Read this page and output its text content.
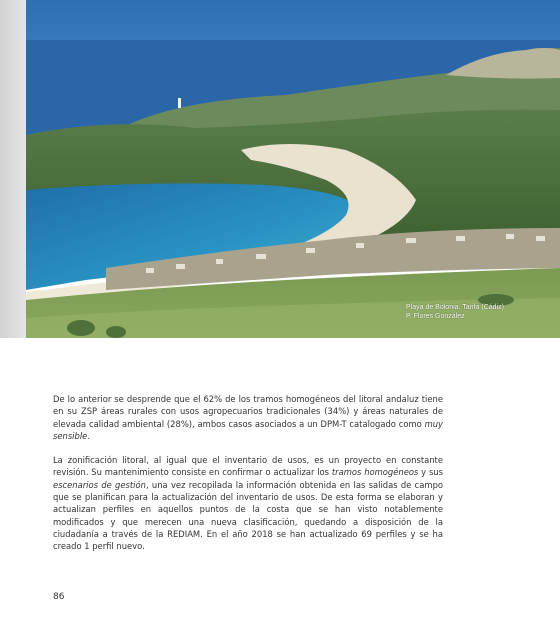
Playa de Bolonia. Tarifa (Cádiz)
P. Flores González

De lo anterior se desprende que el 62% de los tramos homogéneos del litoral andaluz tiene en su ZSP áreas rurales con usos agropecuarios tradicionales (34%) y áreas naturales de elevada calidad ambiental (28%), ambos casos asociados a un DPM-T catalogado como muy sensible.

La zonificación litoral, al igual que el inventario de usos, es un proyecto en constante revisión. Su mantenimiento consiste en confirmar o actualizar los tramos homogéneos y sus escenarios de gestión, una vez recopilada la información obtenida en las salidas de campo que se planifican para la actualización del inventario de usos. De esta forma se elaboran y actualizan perfiles en aquellos puntos de la costa que se han visto notablemente modificados y que merecen una nueva clasificación, quedando a disposición de la ciudadanía a través de la REDIAM. En el año 2018 se han actualizado 69 perfiles y se ha creado 1 perfil nuevo.

86
